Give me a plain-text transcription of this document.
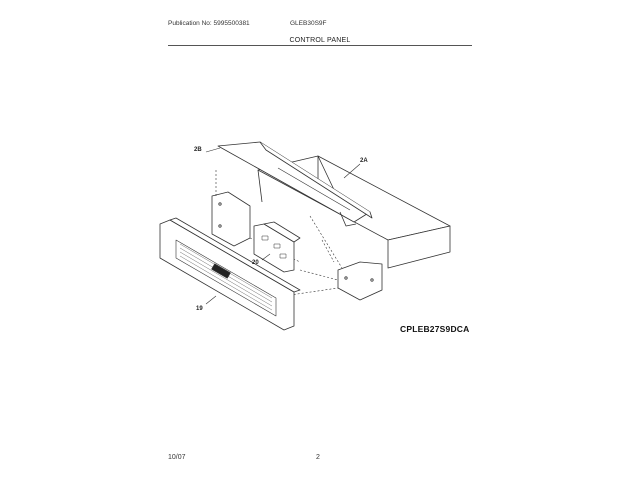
Publication No: 5995500381	GLEB30S9F
CONTROL PANEL
2B
2A
20
19
CPLEB27S9DCA
10/07	2
